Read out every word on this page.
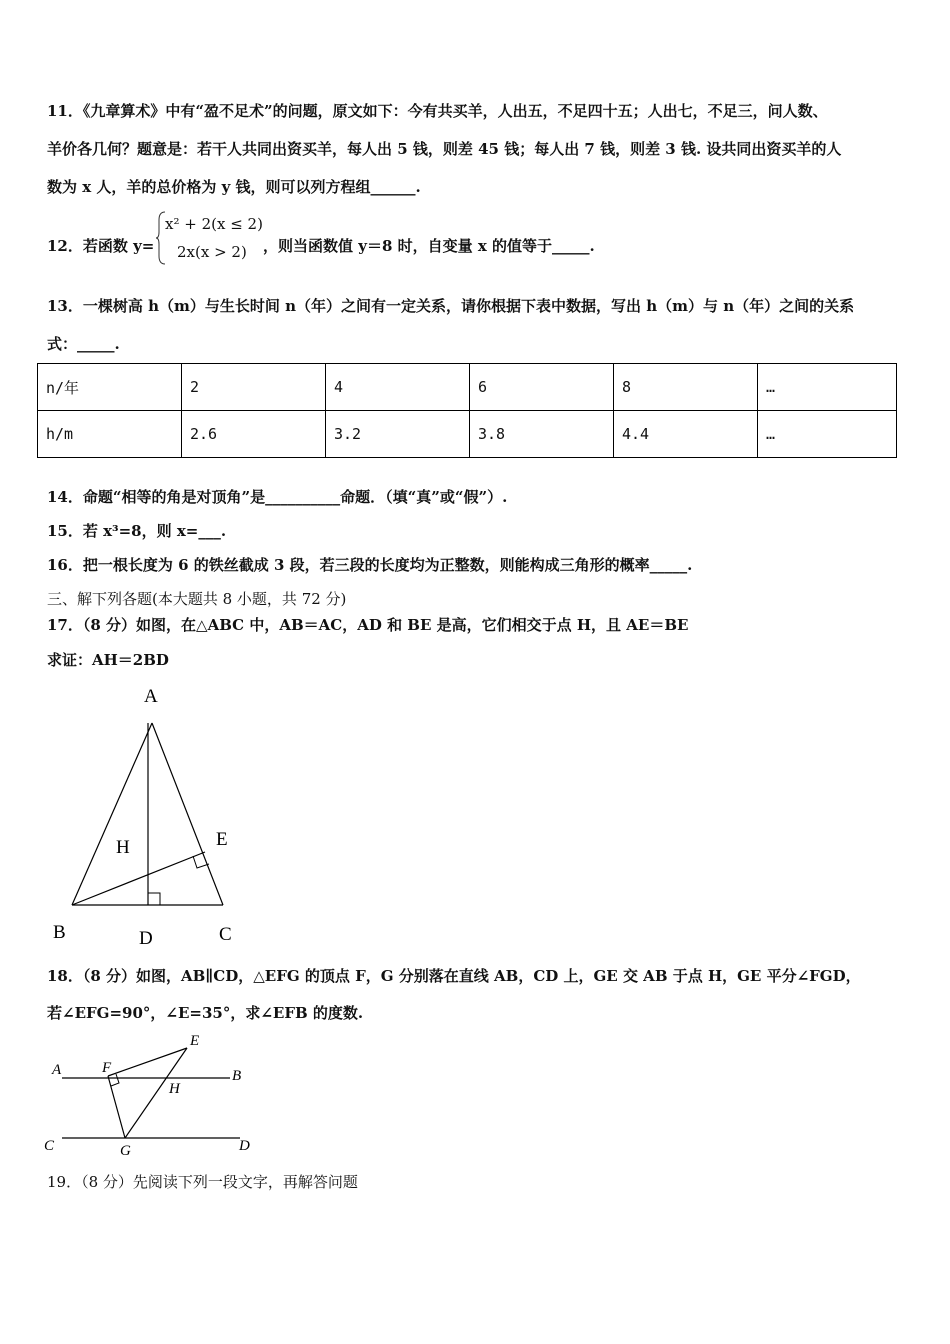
11．《九章算术》中有“盈不足术”的问题，原文如下：今有共买羊，人出五，不足四十五；人出七，不足三，问人数、
羊价各几何？题意是：若干人共同出资买羊，每人出 5 钱，则差 45 钱；每人出 7 钱，则差 3 钱. 设共同出资买羊的人
数为 x 人，羊的总价格为 y 钱，则可以列方程组______.
12．若函数 y=
x² + 2(x ≤ 2)
2x(x > 2) ，则当函数值 y＝8 时，自变量 x 的值等于_____.
13．一棵树高 h（m）与生长时间 n（年）之间有一定关系，请你根据下表中数据，写出 h（m）与 n（年）之间的关系
式：_____.
n/年	2	4	6	8	…
h/m	2.6	3.2	3.8	4.4	…
14．命题“相等的角是对顶角”是__________命题．（填“真”或“假”）.
15．若 x³=8，则 x=___.
16．把一根长度为 6 的铁丝截成 3 段，若三段的长度均为正整数，则能构成三角形的概率_____.
三、解下列各题(本大题共 8 小题，共 72 分)
17．（8 分）如图，在△ABC 中，AB＝AC，AD 和 BE 是高，它们相交于点 H，且 AE＝BE
求证：AH＝2BD
A
B	C
D
E
H
18．（8 分）如图，AB∥CD，△EFG 的顶点 F，G 分别落在直线 AB，CD 上，GE 交 AB 于点 H，GE 平分∠FGD，
若∠EFG=90°，∠E=35°，求∠EFB 的度数.
A	B
C	D
E
F
G
H
19．（8 分）先阅读下列一段文字，再解答问题
